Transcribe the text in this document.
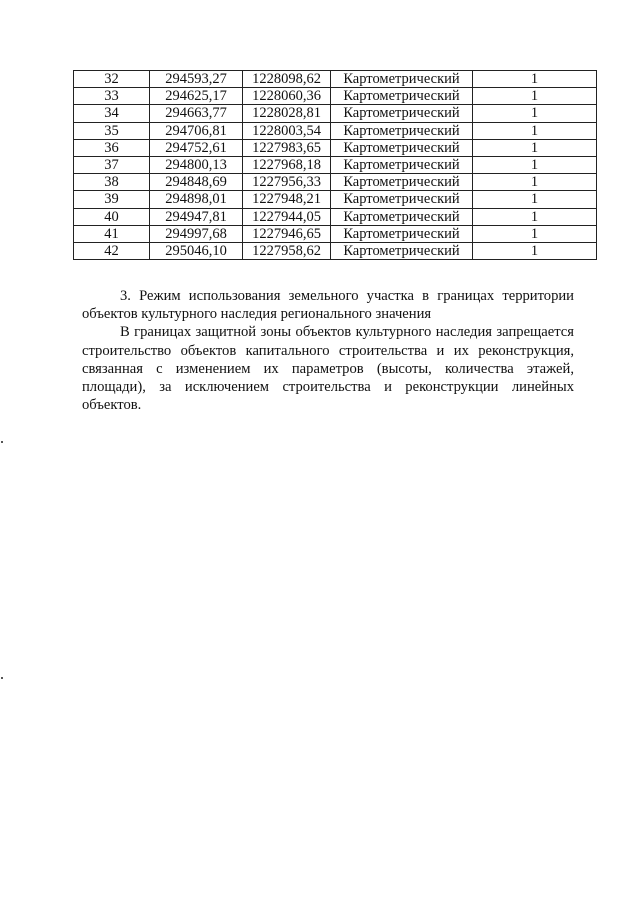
32	294593,27	1228098,62	Картометрический	1
33	294625,17	1228060,36	Картометрический	1
34	294663,77	1228028,81	Картометрический	1
35	294706,81	1228003,54	Картометрический	1
36	294752,61	1227983,65	Картометрический	1
37	294800,13	1227968,18	Картометрический	1
38	294848,69	1227956,33	Картометрический	1
39	294898,01	1227948,21	Картометрический	1
40	294947,81	1227944,05	Картометрический	1
41	294997,68	1227946,65	Картометрический	1
42	295046,10	1227958,62	Картометрический	1

3. Режим использования земельного участка в границах территории объектов культурного наследия регионального значения

В границах защитной зоны объектов культурного наследия запрещается строительство объектов капитального строительства и их реконструкция, связанная с изменением их параметров (высоты, количества этажей, площади), за исключением строительства и реконструкции линейных объектов.
